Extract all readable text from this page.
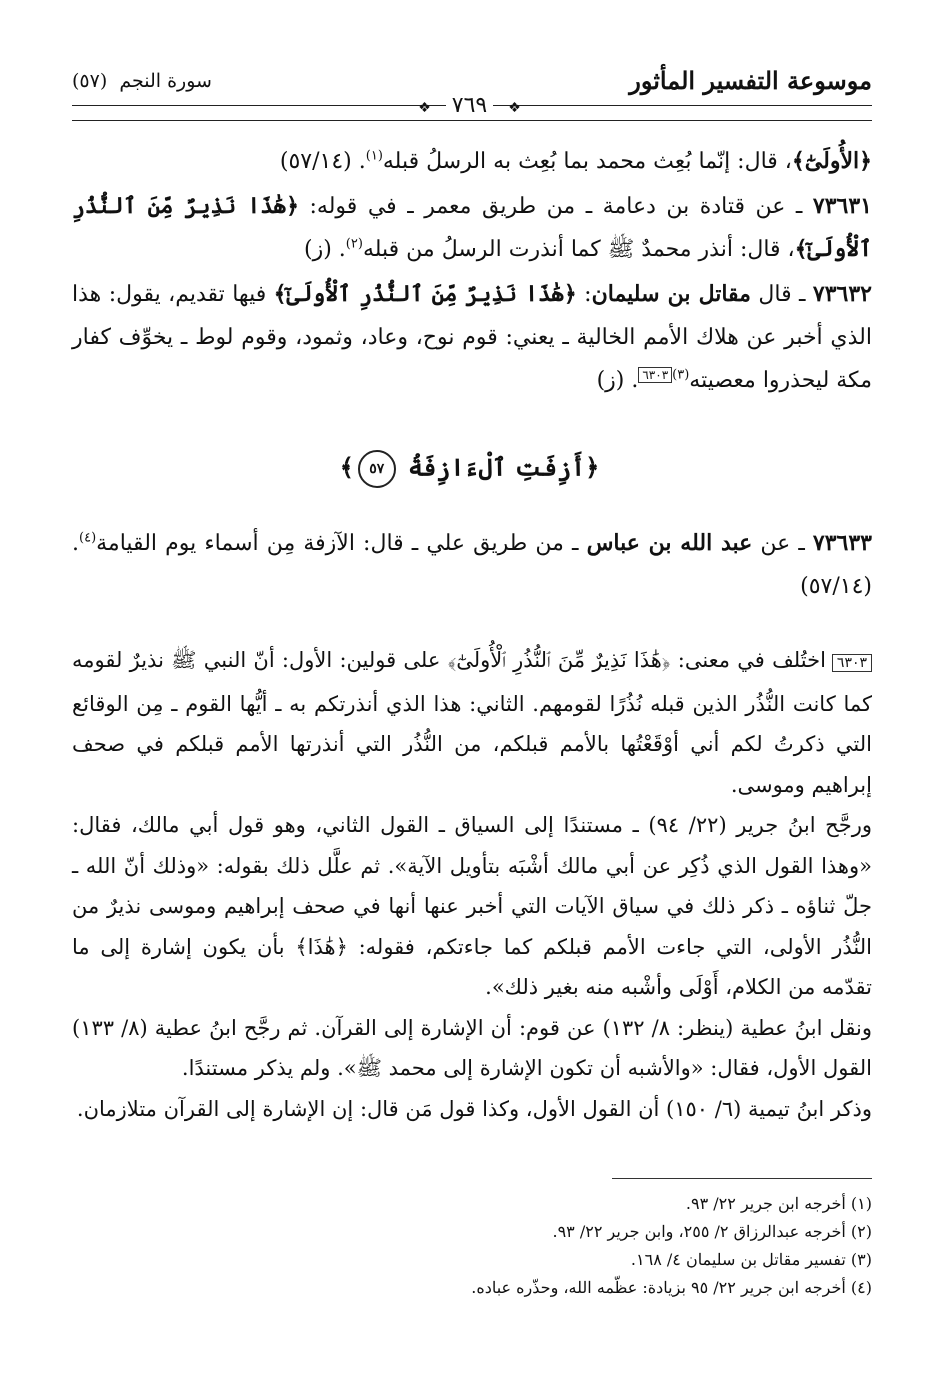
موسوعة التفسير المأثور
سورة النجم (٥٧)
❖ ٧٦٩ ❖

﴿الأُولَىٰٓ﴾، قال: إنّما بُعِث محمد بما بُعِث به الرسلُ قبله$^{(١)}$. (٥٧/١٤)

٧٣٦٣١ ـ عن قتادة بن دعامة ـ من طريق معمر ـ في قوله: ﴿هَٰذَا نَذِيرٌ مِّنَ ٱلنُّذُرِ ٱلْأُولَىٰٓ﴾، قال: أنذر محمدٌ ﷺ كما أنذرت الرسلُ من قبله$^{(٢)}$. (ز)

٧٣٦٣٢ ـ قال مقاتل بن سليمان: ﴿هَٰذَا نَذِيرٌ مِّنَ ٱلنُّذُرِ ٱلْأُولَىٰٓ﴾ فيها تقديم، يقول: هذا الذي أخبر عن هلاك الأمم الخالية ـ يعني: قوم نوح، وعاد، وثمود، وقوم لوط ـ يخوِّف كفار مكة ليحذروا معصيته$^{(٣)٦٣٠٣}$. (ز)

﴿أَزِفَتِ ٱلْءَازِفَةُ ٥٧﴾

٧٣٦٣٣ ـ عن عبد الله بن عباس ـ من طريق علي ـ قال: الآزفة مِن أسماء يوم القيامة$^{(٤)}$. (٥٧/١٤)

٦٣٠٣اختُلف في معنى: ﴿هَٰذَا نَذِيرٌ مِّنَ ٱلنُّذُرِ ٱلْأُولَىٰٓ﴾ على قولين: الأول: أنّ النبي ﷺ نذيرٌ لقومه كما كانت النُّذُر الذين قبله نُذُرًا لقومهم. الثاني: هذا الذي أنذرتكم به ـ أيُّها القوم ـ مِن الوقائع التي ذكرتُ لكم أني أوْقَعْتُها بالأمم قبلكم، من النُّذُر التي أنذرتها الأمم قبلكم في صحف إبراهيم وموسى.

ورجَّح ابنُ جرير (٢٢/ ٩٤) ـ مستندًا إلى السياق ـ القول الثاني، وهو قول أبي مالك، فقال: «وهذا القول الذي ذُكِر عن أبي مالك أشْبَه بتأويل الآية». ثم علَّل ذلك بقوله: «وذلك أنّ الله ـ جلّ ثناؤه ـ ذكر ذلك في سياق الآيات التي أخبر عنها أنها في صحف إبراهيم وموسى نذيرٌ من النُّذُر الأولى، التي جاءت الأمم قبلكم كما جاءتكم، فقوله: ﴿هَٰذَا﴾ بأن يكون إشارة إلى ما تقدّمه من الكلام، أَوْلَى وأشْبه منه بغير ذلك».

ونقل ابنُ عطية (ينظر: ٨/ ١٣٢) عن قوم: أن الإشارة إلى القرآن. ثم رجَّح ابنُ عطية (٨/ ١٣٣) القول الأول، فقال: «والأشبه أن تكون الإشارة إلى محمد ﷺ». ولم يذكر مستندًا.

وذكر ابنُ تيمية (٦/ ١٥٠) أن القول الأول، وكذا قول مَن قال: إن الإشارة إلى القرآن متلازمان.

(١) أخرجه ابن جرير ٢٢/ ٩٣.
(٢) أخرجه عبدالرزاق ٢/ ٢٥٥، وابن جرير ٢٢/ ٩٣.
(٣) تفسير مقاتل بن سليمان ٤/ ١٦٨.
(٤) أخرجه ابن جرير ٢٢/ ٩٥ بزيادة: عظّمه الله، وحذّره عباده.
